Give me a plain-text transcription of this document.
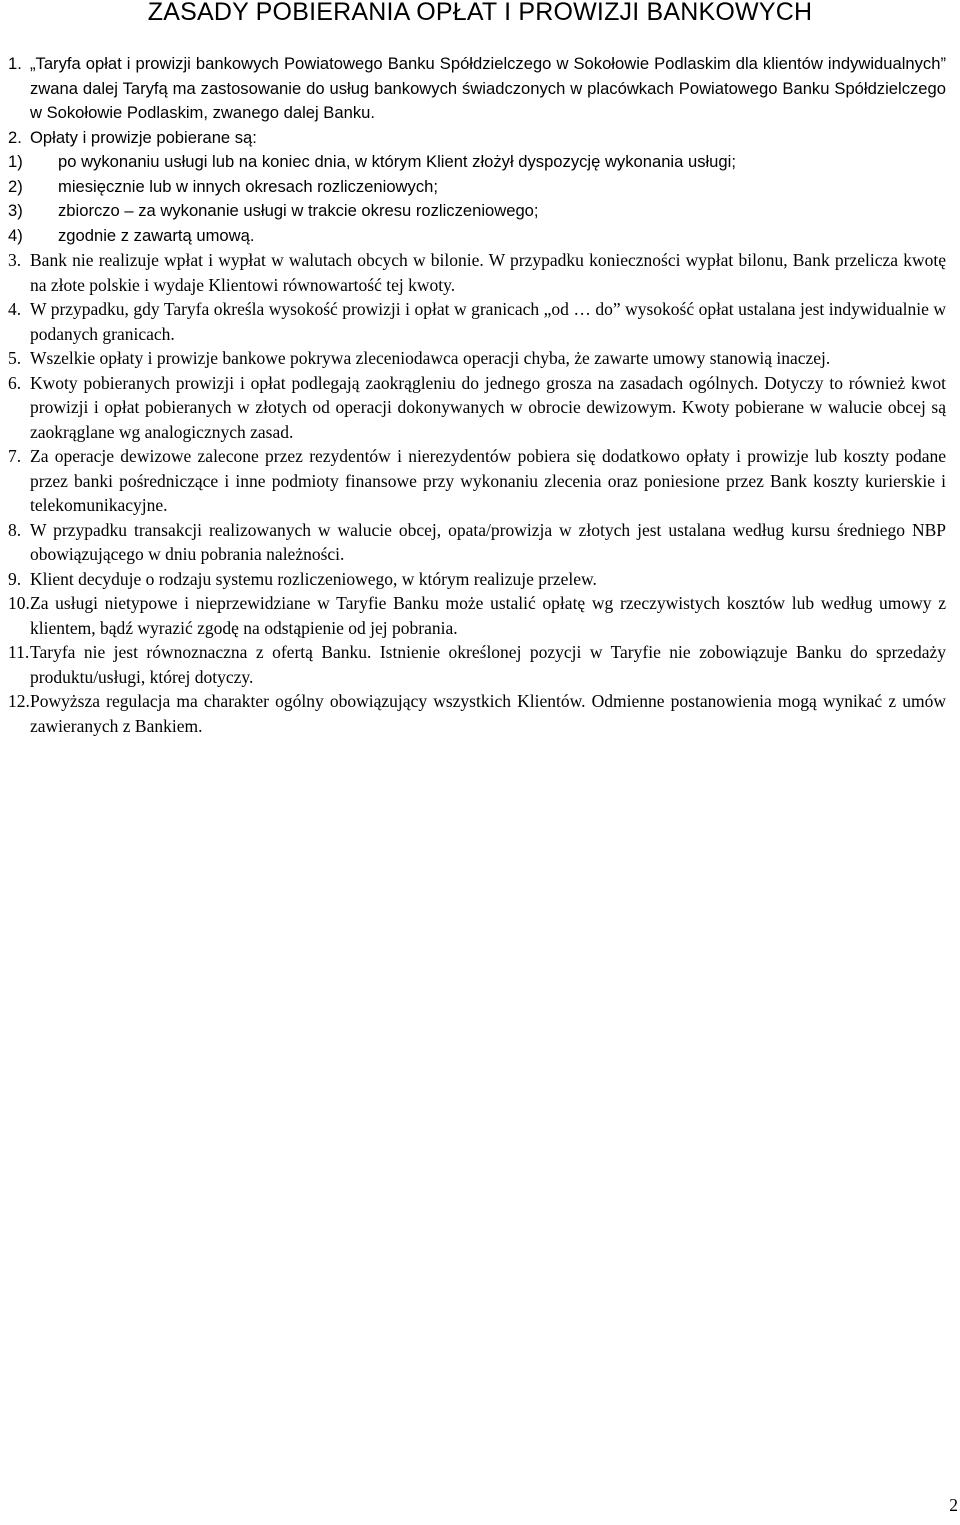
ZASADY POBIERANIA OPŁAT I PROWIZJI BANKOWYCH
1. „Taryfa opłat i prowizji bankowych Powiatowego Banku Spółdzielczego w Sokołowie Podlaskim dla klientów indywidualnych” zwana dalej Taryfą ma zastosowanie do usług bankowych świadczonych w placówkach Powiatowego Banku Spółdzielczego w Sokołowie Podlaskim, zwanego dalej Banku.
2. Opłaty i prowizje pobierane są:
1) po wykonaniu usługi lub na koniec dnia, w którym Klient złożył dyspozycję wykonania usługi;
2) miesięcznie lub w innych okresach rozliczeniowych;
3) zbiorczo – za wykonanie usługi w trakcie okresu rozliczeniowego;
4) zgodnie z zawartą umową.
3. Bank nie realizuje wpłat i wypłat w walutach obcych w bilonie. W przypadku konieczności wypłat bilonu, Bank przelicza kwotę na złote polskie i wydaje Klientowi równowartość tej kwoty.
4. W przypadku, gdy Taryfa określa wysokość prowizji i opłat w granicach „od … do” wysokość opłat ustalana jest indywidualnie w podanych granicach.
5. Wszelkie opłaty i prowizje bankowe pokrywa zleceniodawca operacji chyba, że zawarte umowy stanowią inaczej.
6. Kwoty pobieranych prowizji i opłat podlegają zaokrągleniu do jednego grosza na zasadach ogólnych. Dotyczy to również kwot prowizji i opłat pobieranych w złotych od operacji dokonywanych w obrocie dewizowym. Kwoty pobierane w walucie obcej są zaokrąglane wg analogicznych zasad.
7. Za operacje dewizowe zalecone przez rezydentów i nierezydentów pobiera się dodatkowo opłaty i prowizje lub koszty podane przez banki pośredniczące i inne podmioty finansowe przy wykonaniu zlecenia oraz poniesione przez Bank koszty kurierskie i telekomunikacyjne.
8. W przypadku transakcji realizowanych w walucie obcej, opata/prowizja w złotych jest ustalana według kursu średniego NBP obowiązującego w dniu pobrania należności.
9. Klient decyduje o rodzaju systemu rozliczeniowego, w którym realizuje przelew.
10. Za usługi nietypowe i nieprzewidziane w Taryfie Banku może ustalić opłatę wg rzeczywistych kosztów lub według umowy z klientem, bądź wyrazić zgodę na odstąpienie od jej pobrania.
11. Taryfa nie jest równoznaczna z ofertą Banku. Istnienie określonej pozycji w Taryfie nie zobowiązuje Banku do sprzedaży produktu/usługi, której dotyczy.
12. Powyższa regulacja ma charakter ogólny obowiązujący wszystkich Klientów. Odmienne postanowienia mogą wynikać z umów zawieranych z Bankiem.
2
